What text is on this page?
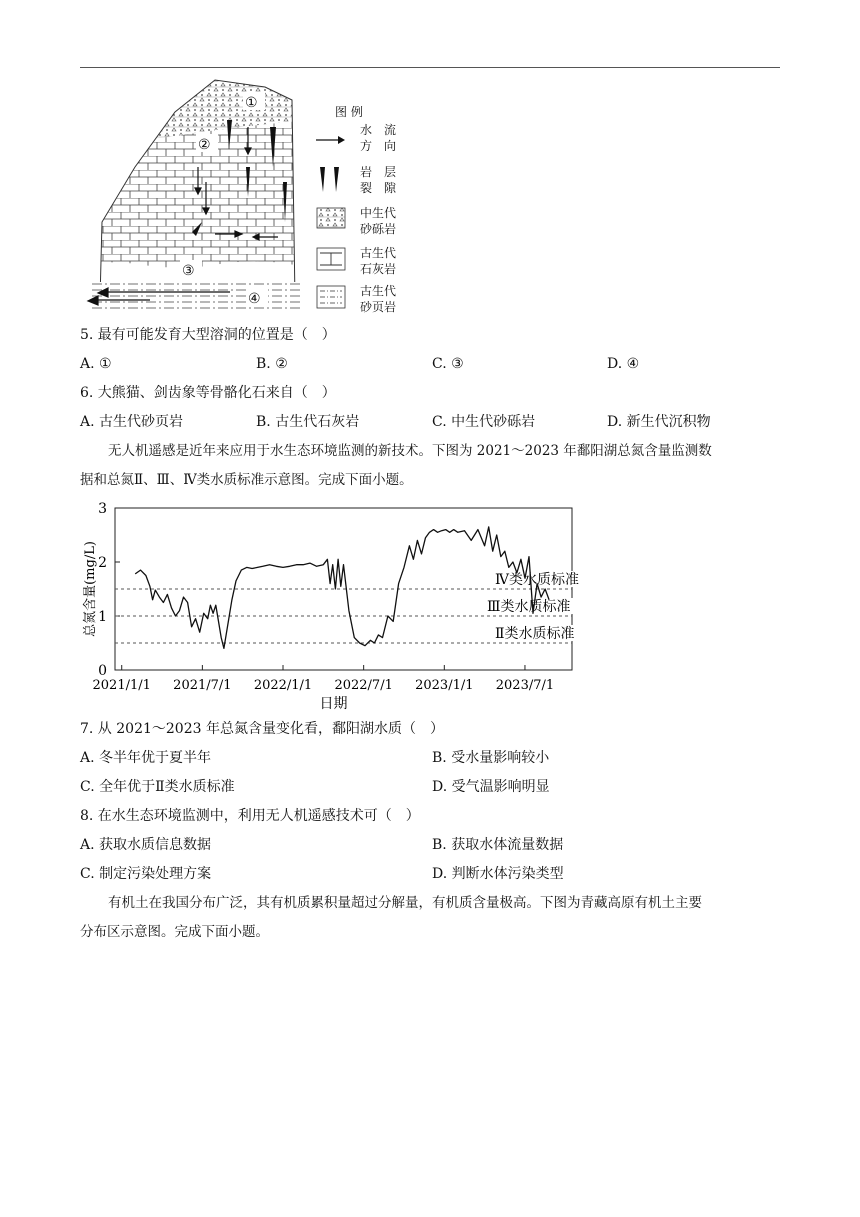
①
②
③
④
图 例
水　流
方　向
岩　层
裂　隙
中生代
砂砾岩
古生代
石灰岩
古生代
砂页岩
5. 最有可能发育大型溶洞的位置是（　）
A. ①	B. ②	C. ③	D. ④
6. 大熊猫、剑齿象等骨骼化石来自（　）
A. 古生代砂页岩	B. 古生代石灰岩	C. 中生代砂砾岩	D. 新生代沉积物
无人机遥感是近年来应用于水生态环境监测的新技术。下图为 2021～2023 年鄱阳湖总氮含量监测数
据和总氮Ⅱ、Ⅲ、Ⅳ类水质标准示意图。完成下面小题。
0
1
2
3
2021/1/1 2021/7/1 2022/1/1 2022/7/1 2023/1/1 2023/7/1
日期
总氮含量(mg/L)	Ⅳ类水质标准
Ⅲ类水质标准
Ⅱ类水质标准
7. 从 2021～2023 年总氮含量变化看，鄱阳湖水质（　）
A. 冬半年优于夏半年	B. 受水量影响较小
C. 全年优于Ⅱ类水质标准	D. 受气温影响明显
8. 在水生态环境监测中，利用无人机遥感技术可（　）
A. 获取水质信息数据	B. 获取水体流量数据
C. 制定污染处理方案	D. 判断水体污染类型
有机土在我国分布广泛，其有机质累积量超过分解量，有机质含量极高。下图为青藏高原有机土主要
分布区示意图。完成下面小题。
